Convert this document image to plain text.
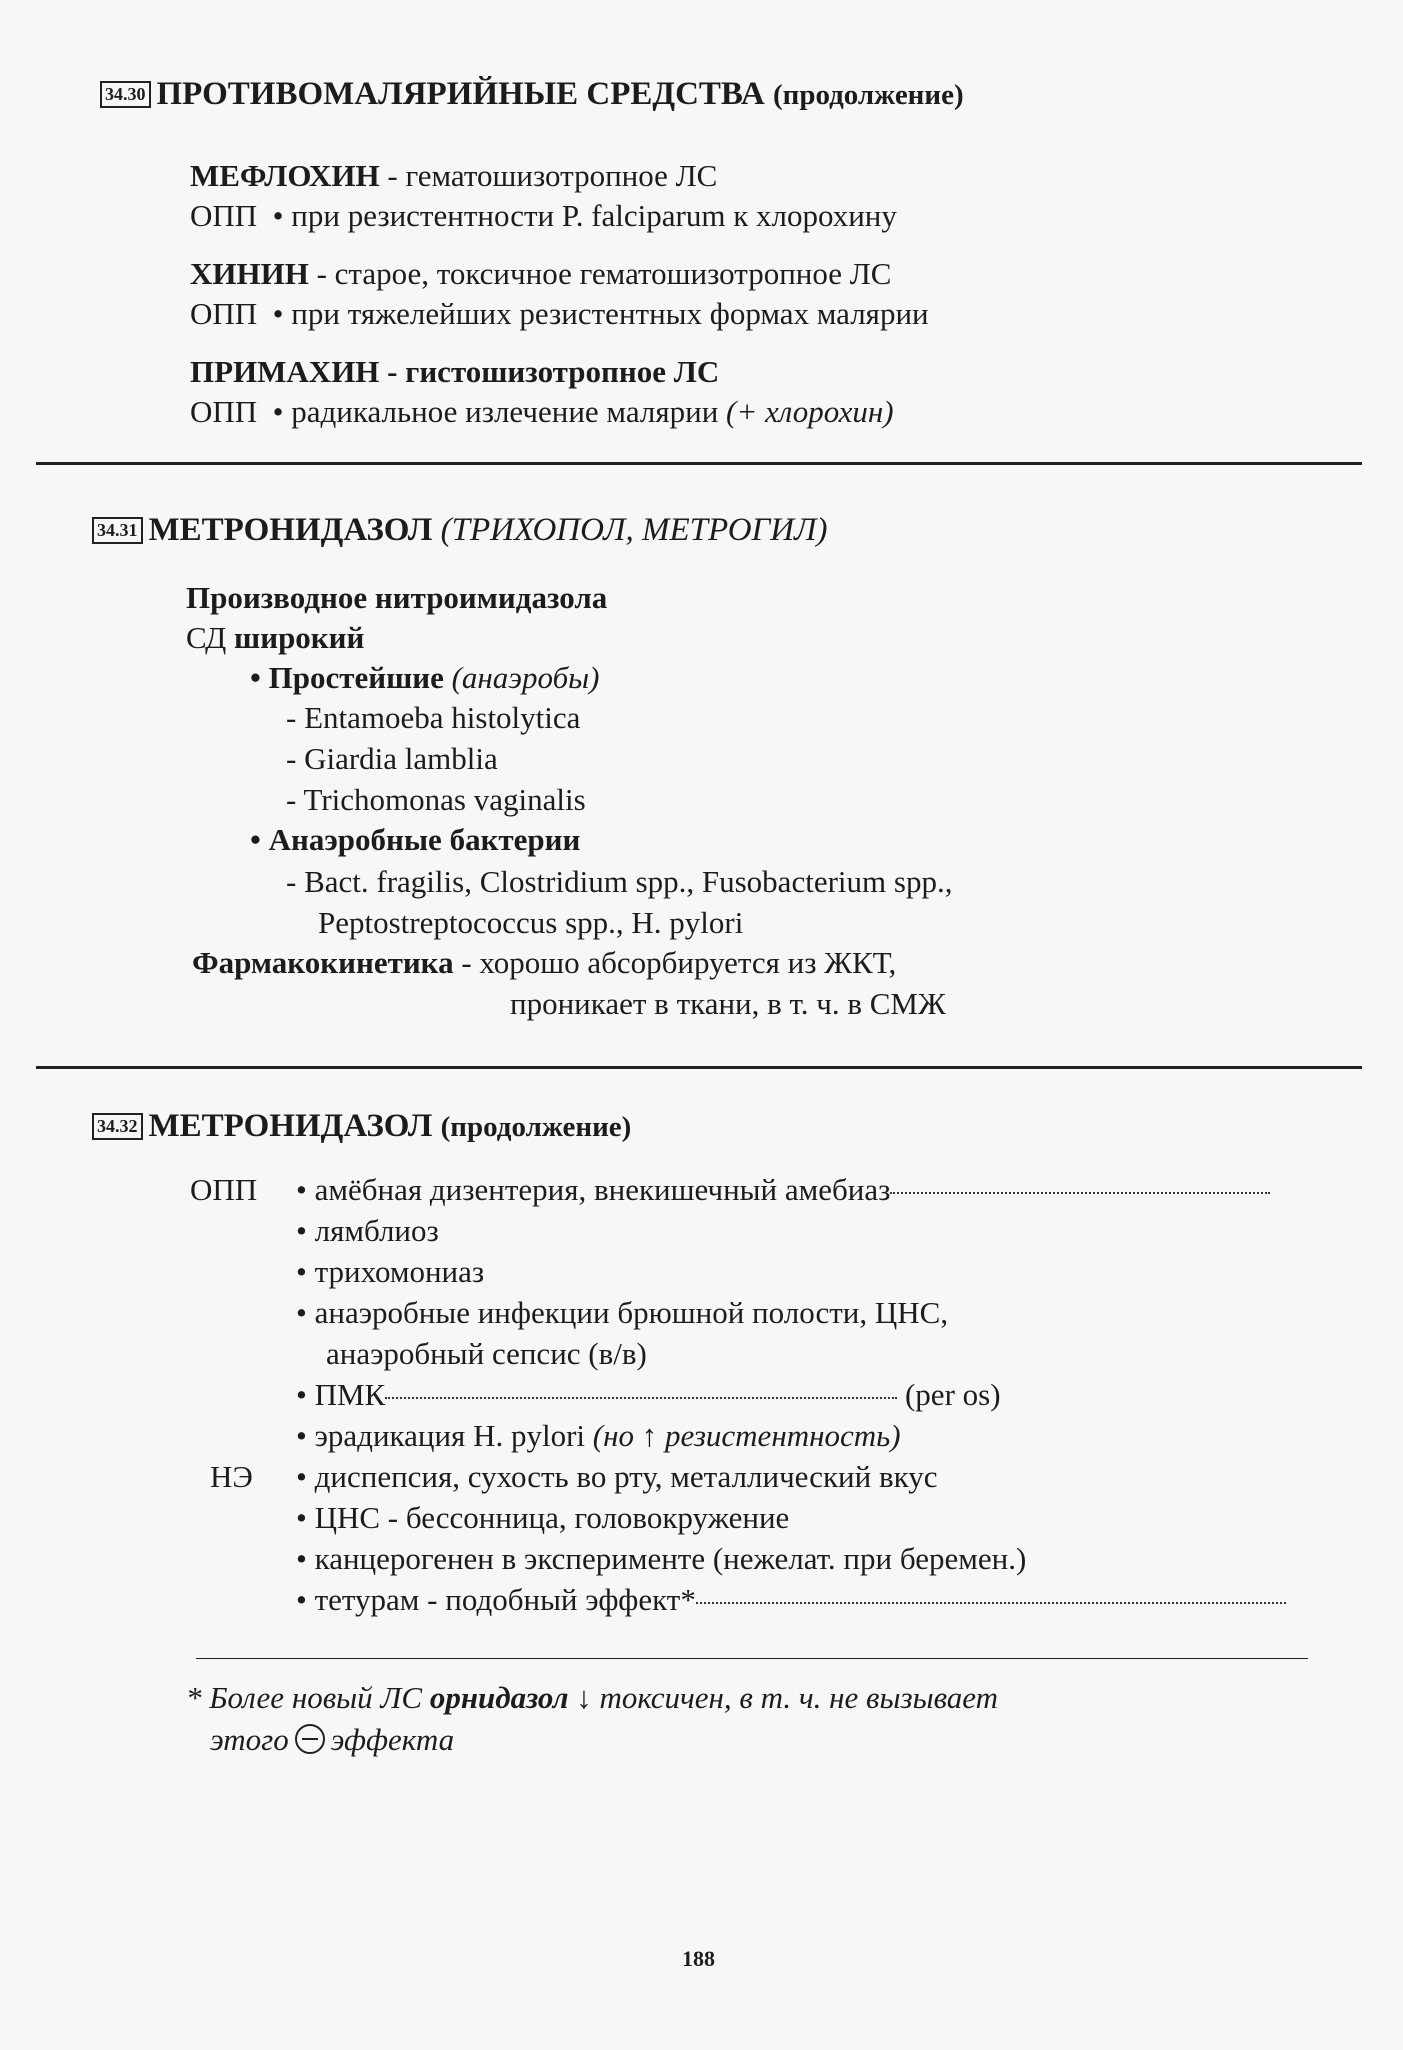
34.30 ПРОТИВОМАЛЯРИЙНЫЕ СРЕДСТВА (продолжение)
МЕФЛОХИН - гематошизотропное ЛС
ОПП • при резистентности P. falciparum к хлорохину
ХИНИН - старое, токсичное гематошизотропное ЛС
ОПП • при тяжелейших резистентных формах малярии
ПРИМАХИН - гистошизотропное ЛС
ОПП • радикальное излечение малярии (+ хлорохин)
34.31 МЕТРОНИДАЗОЛ (ТРИХОПОЛ, МЕТРОГИЛ)
Производное нитроимидазола
СД широкий
• Простейшие (анаэробы)
- Entamoeba histolytica
- Giardia lamblia
- Trichomonas vaginalis
• Анаэробные бактерии
- Bact. fragilis, Clostridium spp., Fusobacterium spp.,
Peptostreptococcus spp., H. pylori
Фармакокинетика - хорошо абсорбируется из ЖКТ,
проникает в ткани, в т. ч. в СМЖ
34.32 МЕТРОНИДАЗОЛ (продолжение)
ОПП • амёбная дизентерия, внекишечный амебиаз
• лямблиоз
• трихомониаз
• анаэробные инфекции брюшной полости, ЦНС,
анаэробный сепсис (в/в)
• ПМК	(per os)
• эрадикация H. pylori (но ↑ резистентность)
НЭ • диспепсия, сухость во рту, металлический вкус
• ЦНС - бессонница, головокружение
• канцерогенен в эксперименте (нежелат. при беремен.)
• тетурам - подобный эффект*
* Более новый ЛС орнидазол ↓ токсичен, в т. ч. не вызывает
этого эффекта
188
